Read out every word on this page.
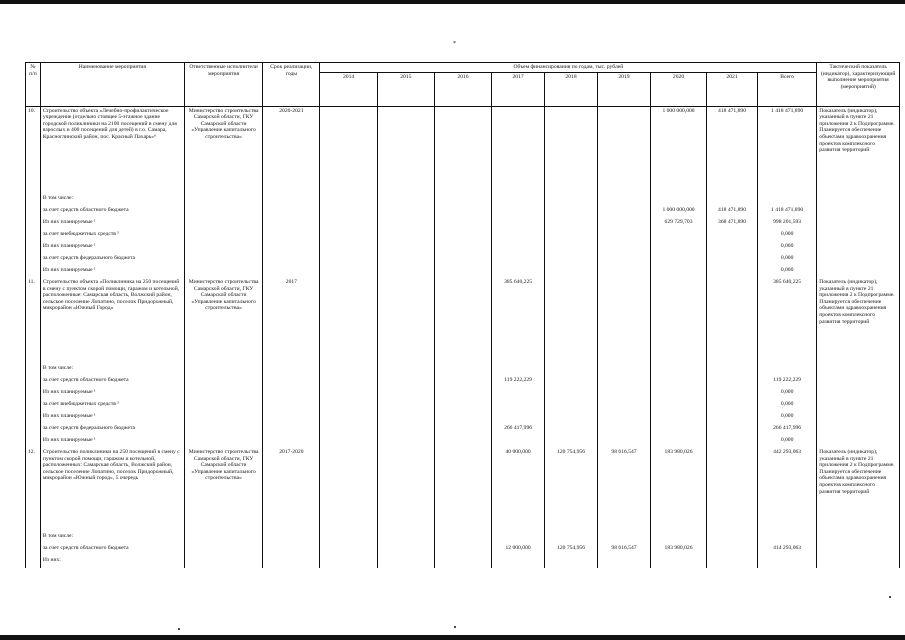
*
№ п/п	Наименование мероприятия	Ответственные исполнители мероприятия	Срок реализации, годы	Объем финансирования по годам, тыс. рублей									Тактический показатель (индикатор), характеризующий выполнение мероприятия (мероприятий)
				2014	2015	2016	2017	2018	2019	2020	2021	Всего	
10.	Строительство объекта «Лечебно-профилактическое учреждение (отдельно стоящее 5-этажное здание городской поликлиники на 2100 посещений в смену для взрослых и 400 посещений для детей) в г.о. Самара, Красноглинский район, пос. Красный Пахарь»⁶	Министерство строительства Самарской области, ГКУ Самарской области «Управление капитального строительства»	2020-2021							1 000 000,000	418 471,890	1 418 471,890	Показатель (индикатор), указанный в пункте 21 приложения 2 к Подпрограмме. Планируется обеспечение объектами здравоохранения проектов комплексного развития территорий
	В том числе:												
	за счет средств областного бюджета									1 000 000,000	418 471,890	1 418 471,890	
	Из них планируемые ¹									629 729,703	368 471,890	998 201,593	
	за счет внебюджетных средств ²											0,000	
	Из них планируемые ¹											0,000	
	за счет средств федерального бюджета											0,000	
	Из них планируемые ¹											0,000	
11.	Строительство объекта «Поликлиника на 250 посещений в смену с пунктом скорой помощи, гаражом и котельной, расположенные: Самарская область, Волжский район, сельское поселение Лопатино, поселок Придорожный, микрорайон «Южный Город»	Министерство строительства Самарской области, ГКУ Самарской области «Управление капитального строительства»	2017				385 640,225					385 640,225	Показатель (индикатор), указанный в пункте 21 приложения 2 к Подпрограмме. Планируется обеспечение объектами здравоохранения проектов комплексного развития территорий
	В том числе:												
	за счет средств областного бюджета						119 222,229					119 222,229	
	Из них планируемые ¹											0,000	
	за счет внебюджетных средств ²											0,000	
	Из них планируемые ¹											0,000	
	за счет средств федерального бюджета						266 417,996					266 417,996	
	Из них планируемые ¹											0,000	
12.	Строительство поликлиники на 250 посещений в смену с пунктом скорой помощи, гаражом и котельной, расположенных: Самарская область, Волжский район, сельское поселение Лопатино, поселок Придорожный, микрорайон «Южный город», 5 очередь	Министерство строительства Самарской области, ГКУ Самарской области «Управление капитального строительства»	2017-2020				40 000,000	120 754,956	98 616,547	183 980,026		442 293,063	Показатель (индикатор), указанный в пункте 21 приложения 2 к Подпрограмме. Планируется обеспечение объектами здравоохранения проектов комплексного развития территорий
	В том числе:												
	за счет средств областного бюджета						12 000,000	120 754,956	98 616,547	183 980,026		414 293,063	
	Из них:												
